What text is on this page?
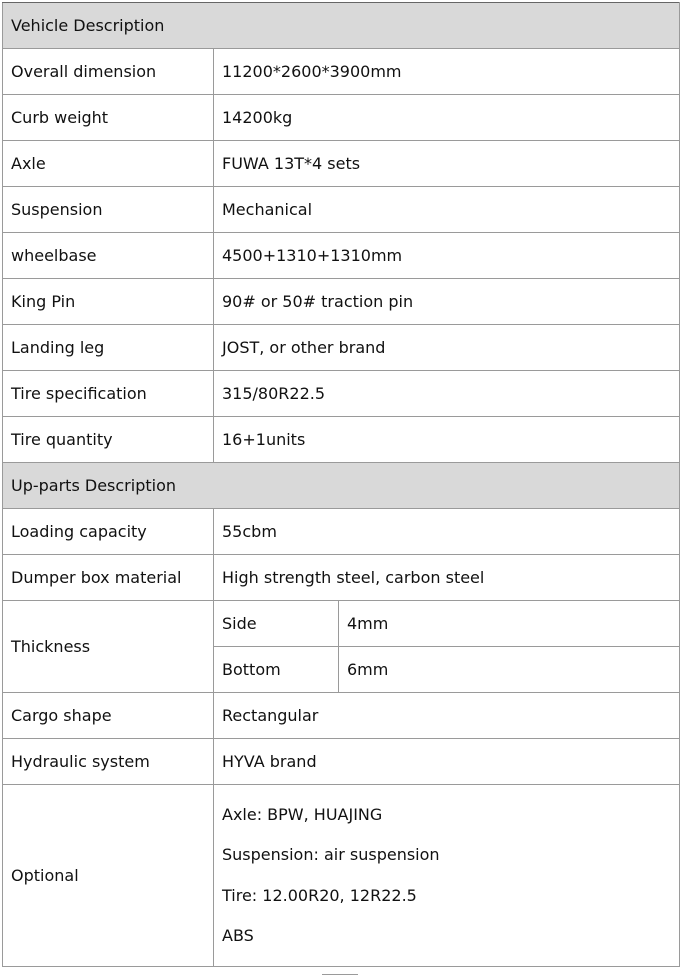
Vehicle Description		
Overall dimension	11200*2600*3900mm	
Curb weight	14200kg	
Axle	FUWA 13T*4 sets	
Suspension	Mechanical	
wheelbase	4500+1310+1310mm	
King Pin	90# or 50# traction pin	
Landing leg	JOST, or other brand	
Tire specification	315/80R22.5	
Tire quantity	16+1units	
Up-parts Description		
Loading capacity	55cbm	
Dumper box material	High strength steel, carbon steel	
Thickness	Side	4mm
	Bottom	6mm
Cargo shape	Rectangular	
Hydraulic system	HYVA brand	
Optional	Axle: BPW, HUAJING
Suspension: air suspension
Tire: 12.00R20, 12R22.5
ABS	
